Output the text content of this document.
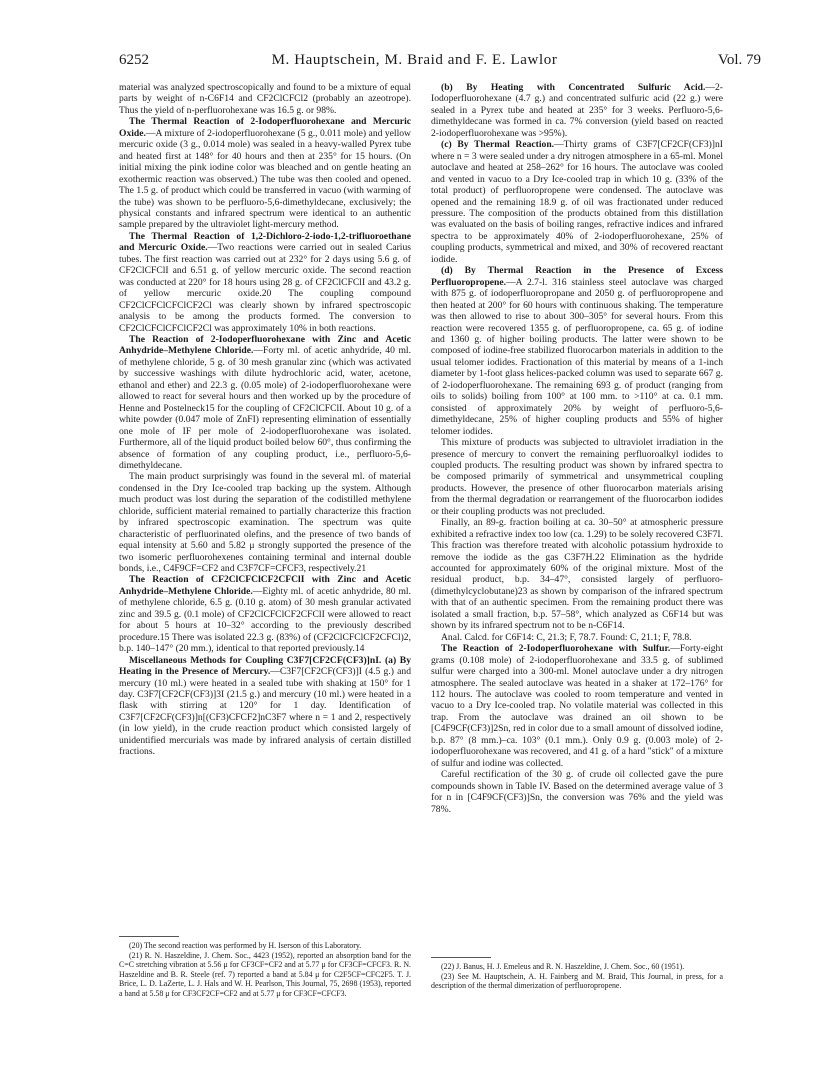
6252	M. Hauptschein, M. Braid and F. E. Lawlor	Vol. 79

material was analyzed spectroscopically and found to be a mixture of equal parts by weight of n-C6F14 and CF2ClCFCl2 (probably an azeotrope). Thus the yield of n-perfluorohexane was 16.5 g. or 98%.

The Thermal Reaction of 2-Iodoperfluorohexane and Mercuric Oxide.—A mixture of 2-iodoperfluorohexane (5 g., 0.011 mole) and yellow mercuric oxide (3 g., 0.014 mole) was sealed in a heavy-walled Pyrex tube and heated first at 148° for 40 hours and then at 235° for 15 hours. (On initial mixing the pink iodine color was bleached and on gentle heating an exothermic reaction was observed.) The tube was then cooled and opened. The 1.5 g. of product which could be transferred in vacuo (with warming of the tube) was shown to be perfluoro-5,6-dimethyldecane, exclusively; the physical constants and infrared spectrum were identical to an authentic sample prepared by the ultraviolet light-mercury method.

The Thermal Reaction of 1,2-Dichloro-2-iodo-1,2-trifluoroethane and Mercuric Oxide.—Two reactions were carried out in sealed Carius tubes. The first reaction was carried out at 232° for 2 days using 5.6 g. of CF2ClCFClI and 6.51 g. of yellow mercuric oxide. The second reaction was conducted at 220° for 18 hours using 28 g. of CF2ClCFClI and 43.2 g. of yellow mercuric oxide.20 The coupling compound CF2ClCFClCFClCF2Cl was clearly shown by infrared spectroscopic analysis to be among the products formed. The conversion to CF2ClCFClCFClCF2Cl was approximately 10% in both reactions.

The Reaction of 2-Iodoperfluorohexane with Zinc and Acetic Anhydride–Methylene Chloride.—Forty ml. of acetic anhydride, 40 ml. of methylene chloride, 5 g. of 30 mesh granular zinc (which was activated by successive washings with dilute hydrochloric acid, water, acetone, ethanol and ether) and 22.3 g. (0.05 mole) of 2-iodoperfluorohexane were allowed to react for several hours and then worked up by the procedure of Henne and Postelneck15 for the coupling of CF2ClCFClI. About 10 g. of a white powder (0.047 mole of ZnFI) representing elimination of essentially one mole of IF per mole of 2-iodoperfluorohexane was isolated. Furthermore, all of the liquid product boiled below 60°, thus confirming the absence of formation of any coupling product, i.e., perfluoro-5,6-dimethyldecane.

The main product surprisingly was found in the several ml. of material condensed in the Dry Ice-cooled trap backing up the system. Although much product was lost during the separation of the codistilled methylene chloride, sufficient material remained to partially characterize this fraction by infrared spectroscopic examination. The spectrum was quite characteristic of perfluorinated olefins, and the presence of two bands of equal intensity at 5.60 and 5.82 μ strongly supported the presence of the two isomeric perfluorohexenes containing terminal and internal double bonds, i.e., C4F9CF=CF2 and C3F7CF=CFCF3, respectively.21

The Reaction of CF2ClCFClCF2CFClI with Zinc and Acetic Anhydride–Methylene Chloride.—Eighty ml. of acetic anhydride, 80 ml. of methylene chloride, 6.5 g. (0.10 g. atom) of 30 mesh granular activated zinc and 39.5 g. (0.1 mole) of CF2ClCFClCF2CFClI were allowed to react for about 5 hours at 10–32° according to the previously described procedure.15 There was isolated 22.3 g. (83%) of (CF2ClCFClCF2CFCl)2, b.p. 140–147° (20 mm.), identical to that reported previously.14

Miscellaneous Methods for Coupling C3F7[CF2CF(CF3)]nI. (a) By Heating in the Presence of Mercury.—C3F7[CF2CF(CF3)]I (4.5 g.) and mercury (10 ml.) were heated in a sealed tube with shaking at 150° for 1 day. C3F7[CF2CF(CF3)]3I (21.5 g.) and mercury (10 ml.) were heated in a flask with stirring at 120° for 1 day. Identification of C3F7[CF2CF(CF3)]n[(CF3)CFCF2]nC3F7 where n = 1 and 2, respectively (in low yield), in the crude reaction product which consisted largely of unidentified mercurials was made by infrared analysis of certain distilled fractions.

(20) The second reaction was performed by H. Iserson of this Laboratory.

(21) R. N. Haszeldine, J. Chem. Soc., 4423 (1952), reported an absorption band for the C=C stretching vibration at 5.56 μ for CF3CF=CF2 and at 5.77 μ for CF3CF=CFCF3. R. N. Haszeldine and B. R. Steele (ref. 7) reported a band at 5.84 μ for C2F5CF=CFC2F5. T. J. Brice, L. D. LaZerte, L. J. Hals and W. H. Pearlson, This Journal, 75, 2698 (1953), reported a band at 5.58 μ for CF3CF2CF=CF2 and at 5.77 μ for CF3CF=CFCF3.

(b) By Heating with Concentrated Sulfuric Acid.—2-Iodoperfluorohexane (4.7 g.) and concentrated sulfuric acid (22 g.) were sealed in a Pyrex tube and heated at 235° for 3 weeks. Perfluoro-5,6-dimethyldecane was formed in ca. 7% conversion (yield based on reacted 2-iodoperfluorohexane was >95%).

(c) By Thermal Reaction.—Thirty grams of C3F7[CF2CF(CF3)]nI where n = 3 were sealed under a dry nitrogen atmosphere in a 65-ml. Monel autoclave and heated at 258–262° for 16 hours. The autoclave was cooled and vented in vacuo to a Dry Ice-cooled trap in which 10 g. (33% of the total product) of perfluoropropene were condensed. The autoclave was opened and the remaining 18.9 g. of oil was fractionated under reduced pressure. The composition of the products obtained from this distillation was evaluated on the basis of boiling ranges, refractive indices and infrared spectra to be approximately 40% of 2-iodoperfluorohexane, 25% of coupling products, symmetrical and mixed, and 30% of recovered reactant iodide.

(d) By Thermal Reaction in the Presence of Excess Perfluoropropene.—A 2.7-l. 316 stainless steel autoclave was charged with 875 g. of iodoperfluoropropane and 2050 g. of perfluoropropene and then heated at 200° for 60 hours with continuous shaking. The temperature was then allowed to rise to about 300–305° for several hours. From this reaction were recovered 1355 g. of perfluoropropene, ca. 65 g. of iodine and 1360 g. of higher boiling products. The latter were shown to be composed of iodine-free stabilized fluorocarbon materials in addition to the usual telomer iodides. Fractionation of this material by means of a 1-inch diameter by 1-foot glass helices-packed column was used to separate 667 g. of 2-iodoperfluorohexane. The remaining 693 g. of product (ranging from oils to solids) boiling from 100° at 100 mm. to >110° at ca. 0.1 mm. consisted of approximately 20% by weight of perfluoro-5,6-dimethyldecane, 25% of higher coupling products and 55% of higher telomer iodides.

This mixture of products was subjected to ultraviolet irradiation in the presence of mercury to convert the remaining perfluoroalkyl iodides to coupled products. The resulting product was shown by infrared spectra to be composed primarily of symmetrical and unsymmetrical coupling products. However, the presence of other fluorocarbon materials arising from the thermal degradation or rearrangement of the fluorocarbon iodides or their coupling products was not precluded.

Finally, an 89-g. fraction boiling at ca. 30–50° at atmospheric pressure exhibited a refractive index too low (ca. 1.29) to be solely recovered C3F7I. This fraction was therefore treated with alcoholic potassium hydroxide to remove the iodide as the gas C3F7H.22 Elimination as the hydride accounted for approximately 60% of the original mixture. Most of the residual product, b.p. 34–47°, consisted largely of perfluoro-(dimethylcyclobutane)23 as shown by comparison of the infrared spectrum with that of an authentic specimen. From the remaining product there was isolated a small fraction, b.p. 57–58°, which analyzed as C6F14 but was shown by its infrared spectrum not to be n-C6F14.

Anal. Calcd. for C6F14: C, 21.3; F, 78.7. Found: C, 21.1; F, 78.8.

The Reaction of 2-Iodoperfluorohexane with Sulfur.—Forty-eight grams (0.108 mole) of 2-iodoperfluorohexane and 33.5 g. of sublimed sulfur were charged into a 300-ml. Monel autoclave under a dry nitrogen atmosphere. The sealed autoclave was heated in a shaker at 172–176° for 112 hours. The autoclave was cooled to room temperature and vented in vacuo to a Dry Ice-cooled trap. No volatile material was collected in this trap. From the autoclave was drained an oil shown to be [C4F9CF(CF3)]2Sn, red in color due to a small amount of dissolved iodine, b.p. 87° (8 mm.)–ca. 103° (0.1 mm.). Only 0.9 g. (0.003 mole) of 2-iodoperfluorohexane was recovered, and 41 g. of a hard "stick" of a mixture of sulfur and iodine was collected.

Careful rectification of the 30 g. of crude oil collected gave the pure compounds shown in Table IV. Based on the determined average value of 3 for n in [C4F9CF(CF3)]Sn, the conversion was 76% and the yield was 78%.

(22) J. Banus, H. J. Emeleus and R. N. Haszeldine, J. Chem. Soc., 60 (1951).

(23) See M. Hauptschein, A. H. Fainberg and M. Braid, This Journal, in press, for a description of the thermal dimerization of perfluoropropene.
